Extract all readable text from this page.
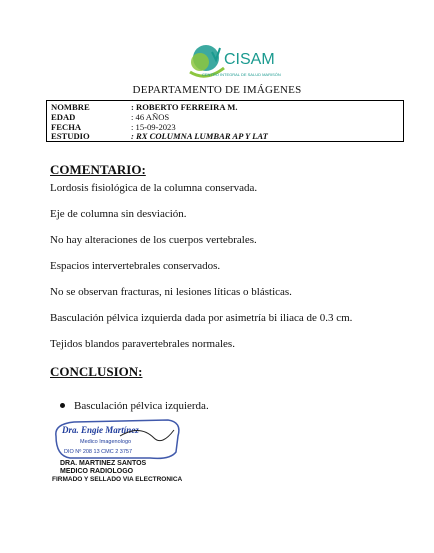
CISAM
CENTRO INTEGRAL DE SALUD MARISÓN
DEPARTAMENTO DE IMÁGENES
NOMBRE	: ROBERTO FERREIRA M.
EDAD	: 46 AÑOS
FECHA	: 15-09-2023
ESTUDIO	: RX COLUMNA LUMBAR AP Y LAT
COMENTARIO:
Lordosis fisiológica de la columna conservada.
Eje de columna sin desviación.
No hay alteraciones de los cuerpos vertebrales.
Espacios intervertebrales conservados.
No se observan fracturas, ni lesiones líticas o blásticas.
Basculación pélvica izquierda dada por asimetría bi iliaca de 0.3 cm.
Tejidos blandos paravertebrales normales.
CONCLUSION:
Basculación pélvica izquierda.
Dra. Engie Martínez
Medico Imagenologo
DIO Nº 208 13 CMC 2 3757
DRA. MARTINEZ SANTOS
MEDICO RADIOLOGO
FIRMADO Y SELLADO VIA ELECTRONICA
